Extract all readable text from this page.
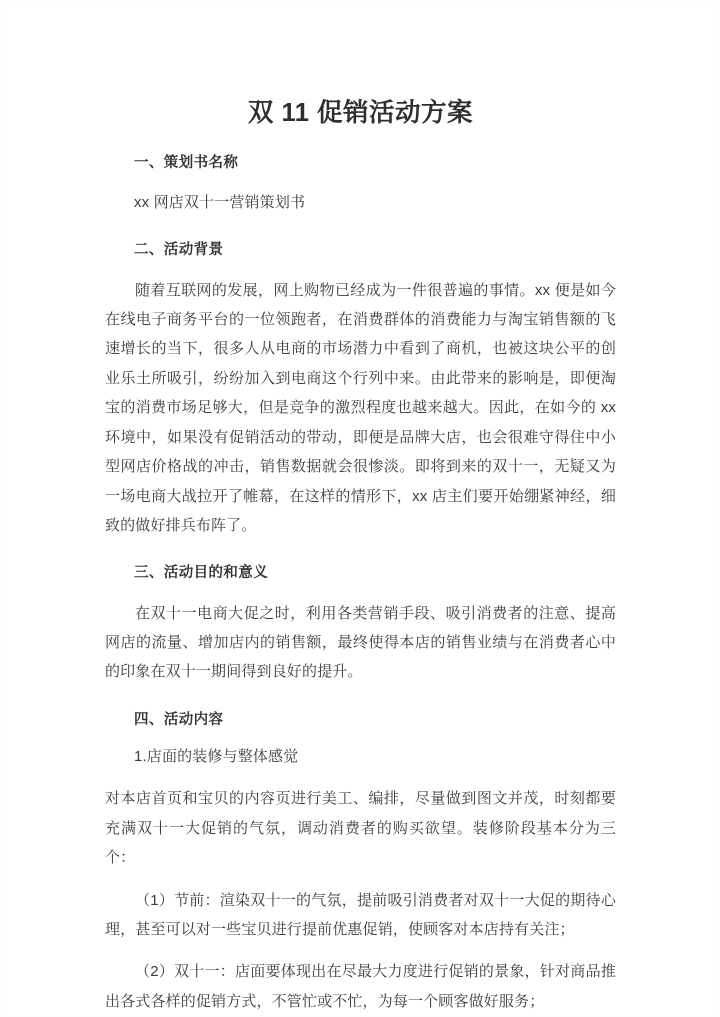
双 11 促销活动方案
一、策划书名称

xx 网店双十一营销策划书

二、活动背景

随着互联网的发展，网上购物已经成为一件很普遍的事情。xx 便是如今在线电子商务平台的一位领跑者，在消费群体的消费能力与淘宝销售额的飞速增长的当下，很多人从电商的市场潜力中看到了商机，也被这块公平的创业乐土所吸引，纷纷加入到电商这个行列中来。由此带来的影响是，即便淘宝的消费市场足够大，但是竞争的激烈程度也越来越大。因此，在如今的 xx 环境中，如果没有促销活动的带动，即便是品牌大店，也会很难守得住中小型网店价格战的冲击，销售数据就会很惨淡。即将到来的双十一，无疑又为一场电商大战拉开了帷幕，在这样的情形下，xx 店主们要开始绷紧神经，细致的做好排兵布阵了。

三、活动目的和意义

在双十一电商大促之时，利用各类营销手段、吸引消费者的注意、提高网店的流量、增加店内的销售额，最终使得本店的销售业绩与在消费者心中的印象在双十一期间得到良好的提升。

四、活动内容

1.店面的装修与整体感觉

对本店首页和宝贝的内容页进行美工、编排，尽量做到图文并茂，时刻都要充满双十一大促销的气氛，调动消费者的购买欲望。装修阶段基本分为三个：

（1）节前：渲染双十一的气氛，提前吸引消费者对双十一大促的期待心理，甚至可以对一些宝贝进行提前优惠促销，使顾客对本店持有关注；

（2）双十一：店面要体现出在尽最大力度进行促销的景象，针对商品推出各式各样的促销方式，不管忙或不忙，为每一个顾客做好服务；
